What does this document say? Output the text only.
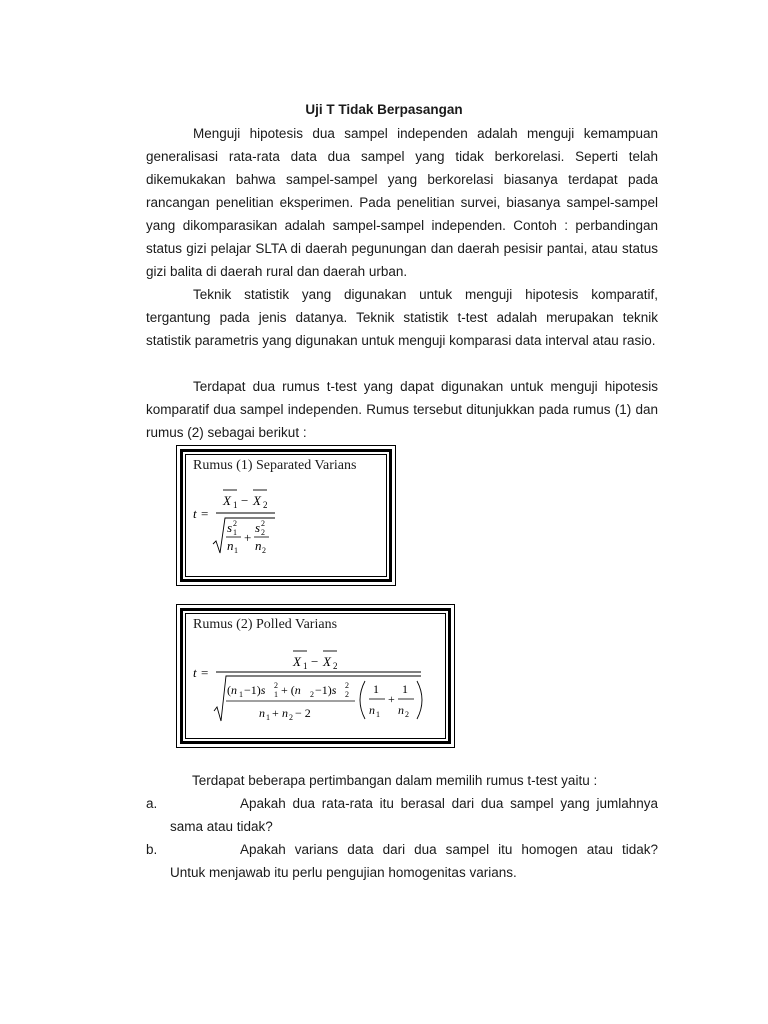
Uji T Tidak Berpasangan

Menguji hipotesis dua sampel independen adalah menguji kemampuan generalisasi rata-rata data dua sampel yang tidak berkorelasi. Seperti telah dikemukakan bahwa sampel-sampel yang berkorelasi biasanya terdapat pada rancangan penelitian eksperimen. Pada penelitian survei, biasanya sampel-sampel yang dikomparasikan adalah sampel-sampel independen. Contoh : perbandingan status gizi pelajar SLTA di daerah pegunungan dan daerah pesisir pantai, atau status gizi balita di daerah rural dan daerah urban.

Teknik statistik yang digunakan untuk menguji hipotesis komparatif, tergantung pada jenis datanya. Teknik statistik t-test adalah merupakan teknik statistik parametris yang digunakan untuk menguji komparasi data interval atau rasio.

Terdapat dua rumus t-test yang dapat digunakan untuk menguji hipotesis komparatif dua sampel independen. Rumus tersebut ditunjukkan pada rumus (1) dan rumus (2) sebagai berikut :

Rumus (1) Separated Varians
t =
X 1 − X 2
s 2
1
n 1
+
s 2
2
n 2
Rumus (2) Polled Varians
t =
X 1 − X 2
(n 1 −1)s 2
1 + (n 2 −1)s 2
2
n 1 + n 2 − 2
1
n 1
+
1
n 2

Terdapat beberapa pertimbangan dalam memilih rumus t-test yaitu :

a.	Apakah dua rata-rata itu berasal dari dua sampel yang jumlahnya

sama atau tidak?

b.	Apakah varians data dari dua sampel itu homogen atau tidak?

Untuk menjawab itu perlu pengujian homogenitas varians.
